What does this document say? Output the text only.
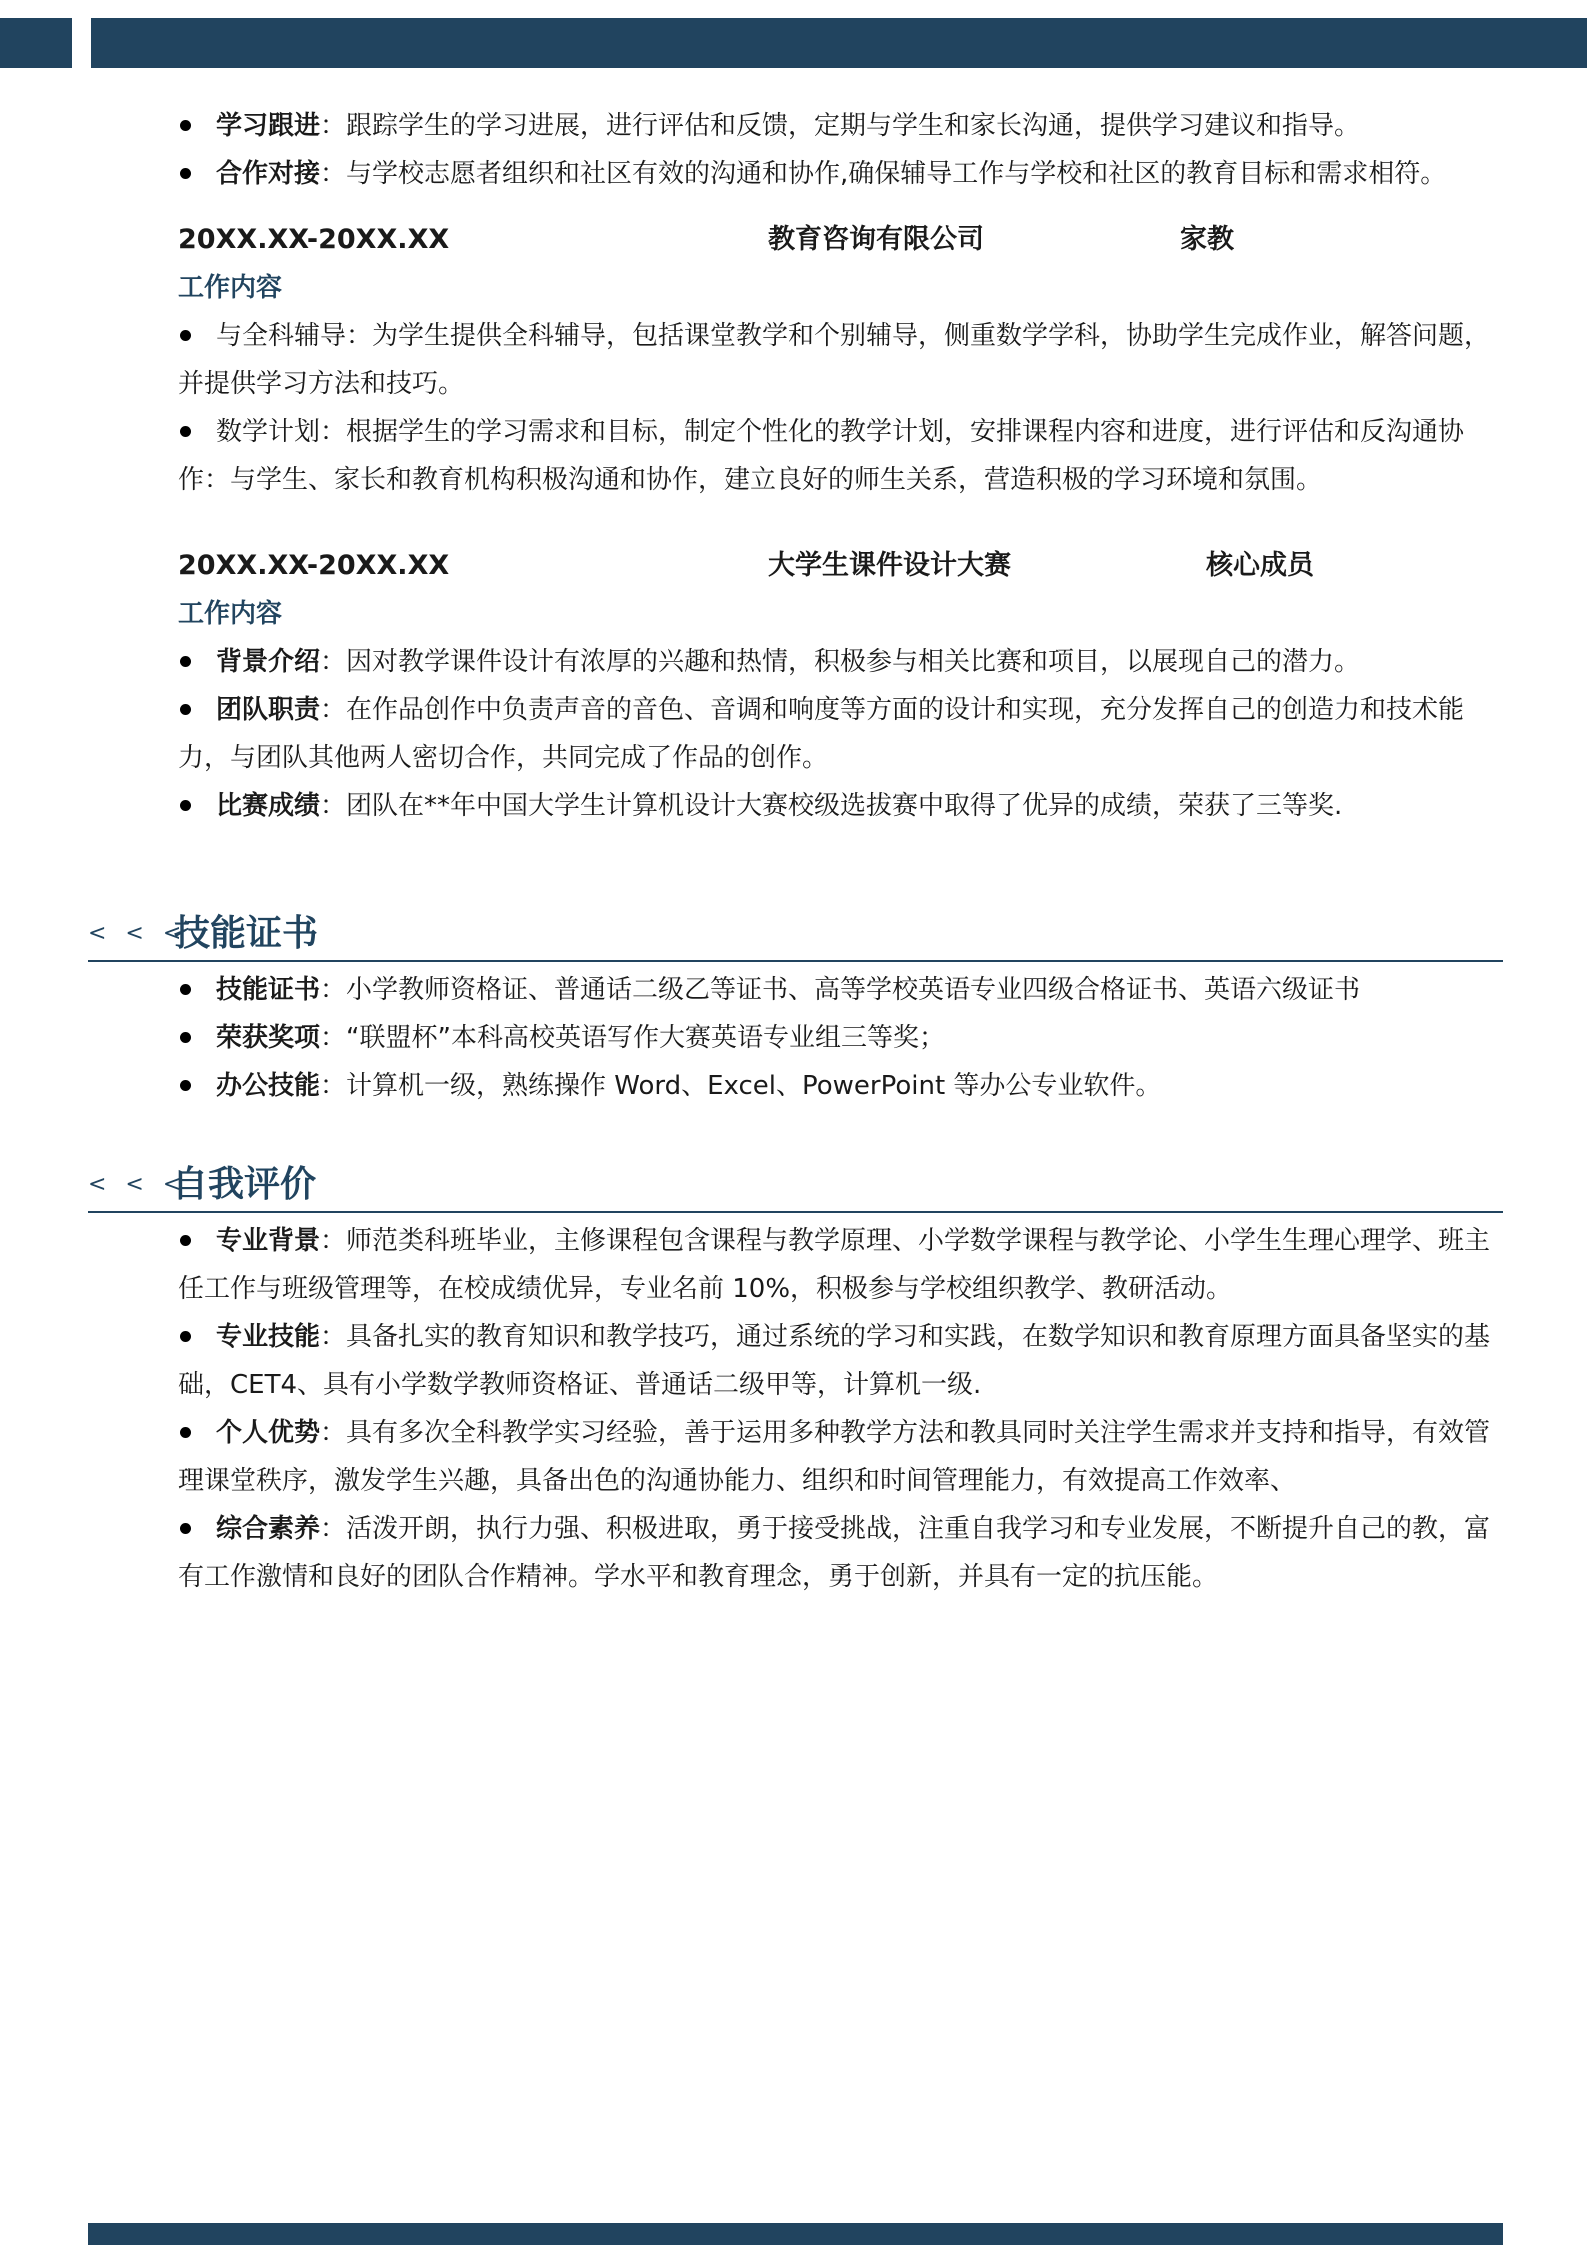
学习跟进：跟踪学生的学习进展，进行评估和反馈，定期与学生和家长沟通，提供学习建议和指导。

合作对接：与学校志愿者组织和社区有效的沟通和协作,确保辅导工作与学校和社区的教育目标和需求相符。

20XX.XX-20XX.XX	教育咨询有限公司	家教
工作内容

与全科辅导：为学生提供全科辅导，包括课堂教学和个别辅导，侧重数学学科，协助学生完成作业，解答问题，并提供学习方法和技巧。

数学计划：根据学生的学习需求和目标，制定个性化的教学计划，安排课程内容和进度，进行评估和反沟通协作：与学生、家长和教育机构积极沟通和协作，建立良好的师生关系，营造积极的学习环境和氛围。

20XX.XX-20XX.XX	大学生课件设计大赛	核心成员
工作内容

背景介绍：因对教学课件设计有浓厚的兴趣和热情，积极参与相关比赛和项目，以展现自己的潜力。

团队职责：在作品创作中负责声音的音色、音调和响度等方面的设计和实现，充分发挥自己的创造力和技术能力，与团队其他两人密切合作，共同完成了作品的创作。

比赛成绩：团队在**年中国大学生计算机设计大赛校级选拔赛中取得了优异的成绩，荣获了三等奖.

< < <
技能证书

技能证书：小学教师资格证、普通话二级乙等证书、高等学校英语专业四级合格证书、英语六级证书

荣获奖项：“联盟杯”本科高校英语写作大赛英语专业组三等奖；

办公技能：计算机一级，熟练操作 Word、Excel、PowerPoint 等办公专业软件。

< < <
自我评价

专业背景：师范类科班毕业，主修课程包含课程与教学原理、小学数学课程与教学论、小学生生理心理学、班主任工作与班级管理等，在校成绩优异，专业名前 10%，积极参与学校组织教学、教研活动。

专业技能：具备扎实的教育知识和教学技巧，通过系统的学习和实践，在数学知识和教育原理方面具备坚实的基础，CET4、具有小学数学教师资格证、普通话二级甲等，计算机一级.

个人优势：具有多次全科教学实习经验，善于运用多种教学方法和教具同时关注学生需求并支持和指导，有效管理课堂秩序，激发学生兴趣，具备出色的沟通协能力、组织和时间管理能力，有效提高工作效率、

综合素养：活泼开朗，执行力强、积极进取，勇于接受挑战，注重自我学习和专业发展，不断提升自己的教，富有工作激情和良好的团队合作精神。学水平和教育理念，勇于创新，并具有一定的抗压能。
